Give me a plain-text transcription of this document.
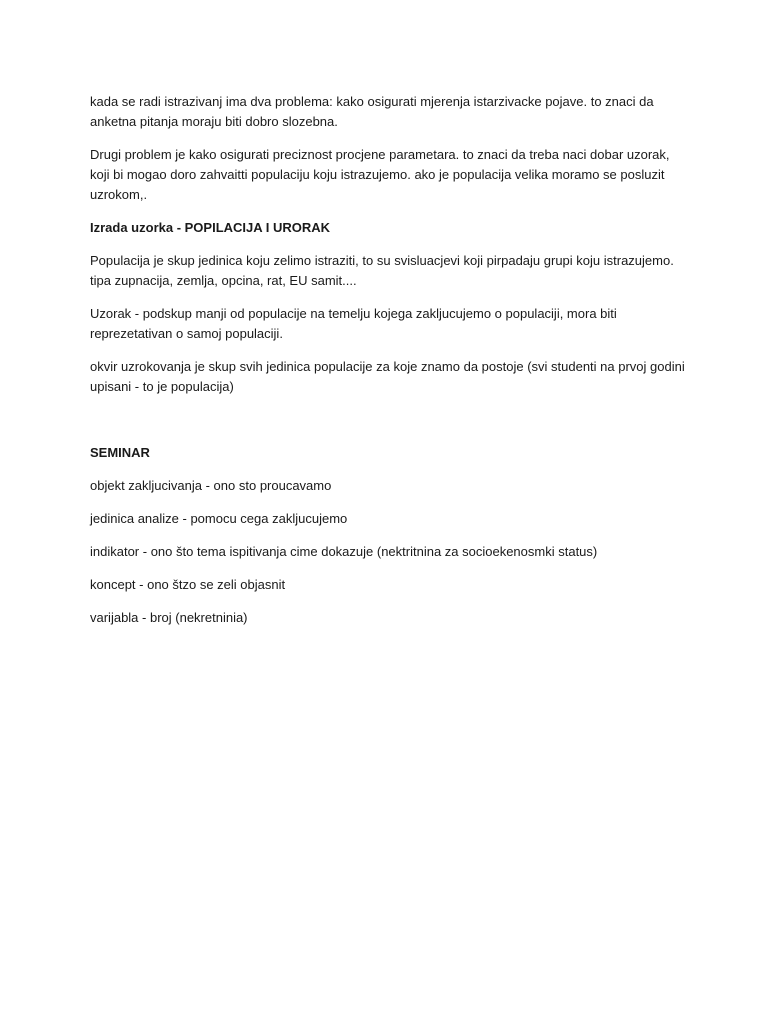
kada se radi istrazivanj ima dva problema: kako osigurati mjerenja istarzivacke pojave. to znaci da anketna pitanja moraju biti dobro slozebna.

Drugi problem je kako osigurati preciznost procjene parametara. to znaci da treba naci dobar uzorak, koji bi mogao doro zahvaitti populaciju koju istrazujemo. ako je populacija velika moramo se posluzit uzrokom,.

Izrada uzorka - POPILACIJA I URORAK

Populacija je skup jedinica koju zelimo istraziti, to su svisluacjevi koji pirpadaju grupi koju istrazujemo. tipa zupnacija, zemlja, opcina, rat, EU samit....

Uzorak - podskup manji od populacije na temelju kojega zakljucujemo o populaciji, mora biti reprezetativan o samoj populaciji.

okvir uzrokovanja je skup svih jedinica populacije za koje znamo da postoje (svi studenti na prvoj godini upisani - to je populacija)

SEMINAR

objekt zakljucivanja - ono sto proucavamo

jedinica analize - pomocu cega zakljucujemo

indikator - ono što tema ispitivanja cime dokazuje (nektritnina za socioekenosmki status)

koncept - ono štzo se zeli objasnit

varijabla - broj (nekretninia)
